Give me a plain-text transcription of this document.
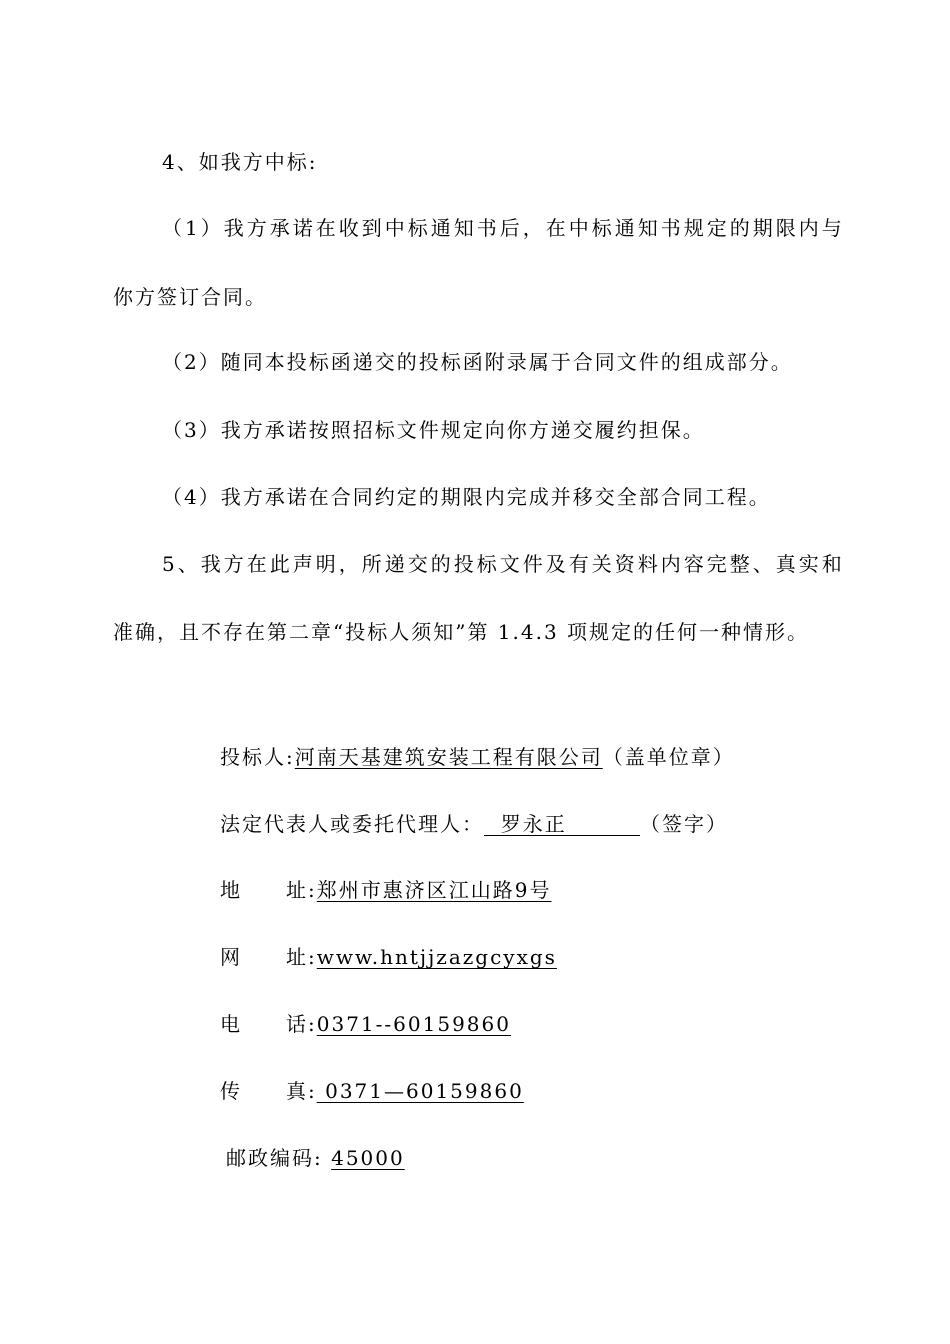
4、如我方中标:
（1）我方承诺在收到中标通知书后，在中标通知书规定的期限内与
你方签订合同。
（2）随同本投标函递交的投标函附录属于合同文件的组成部分。
（3）我方承诺按照招标文件规定向你方递交履约担保。
（4）我方承诺在合同约定的期限内完成并移交全部合同工程。
5、我方在此声明，所递交的投标文件及有关资料内容完整、真实和
准确，且不存在第二章“投标人须知”第 1.4.3 项规定的任何一种情形。
投标人:河南天基建筑安装工程有限公司（盖单位章）
法定代表人或委托代理人： 罗永正	（签字）
地　　址:郑州市惠济区江山路9号
网　　址:www.hntjjzazgcyxgs
电　　话:0371--60159860
传　　真: 0371—60159860
邮政编码: 45000
